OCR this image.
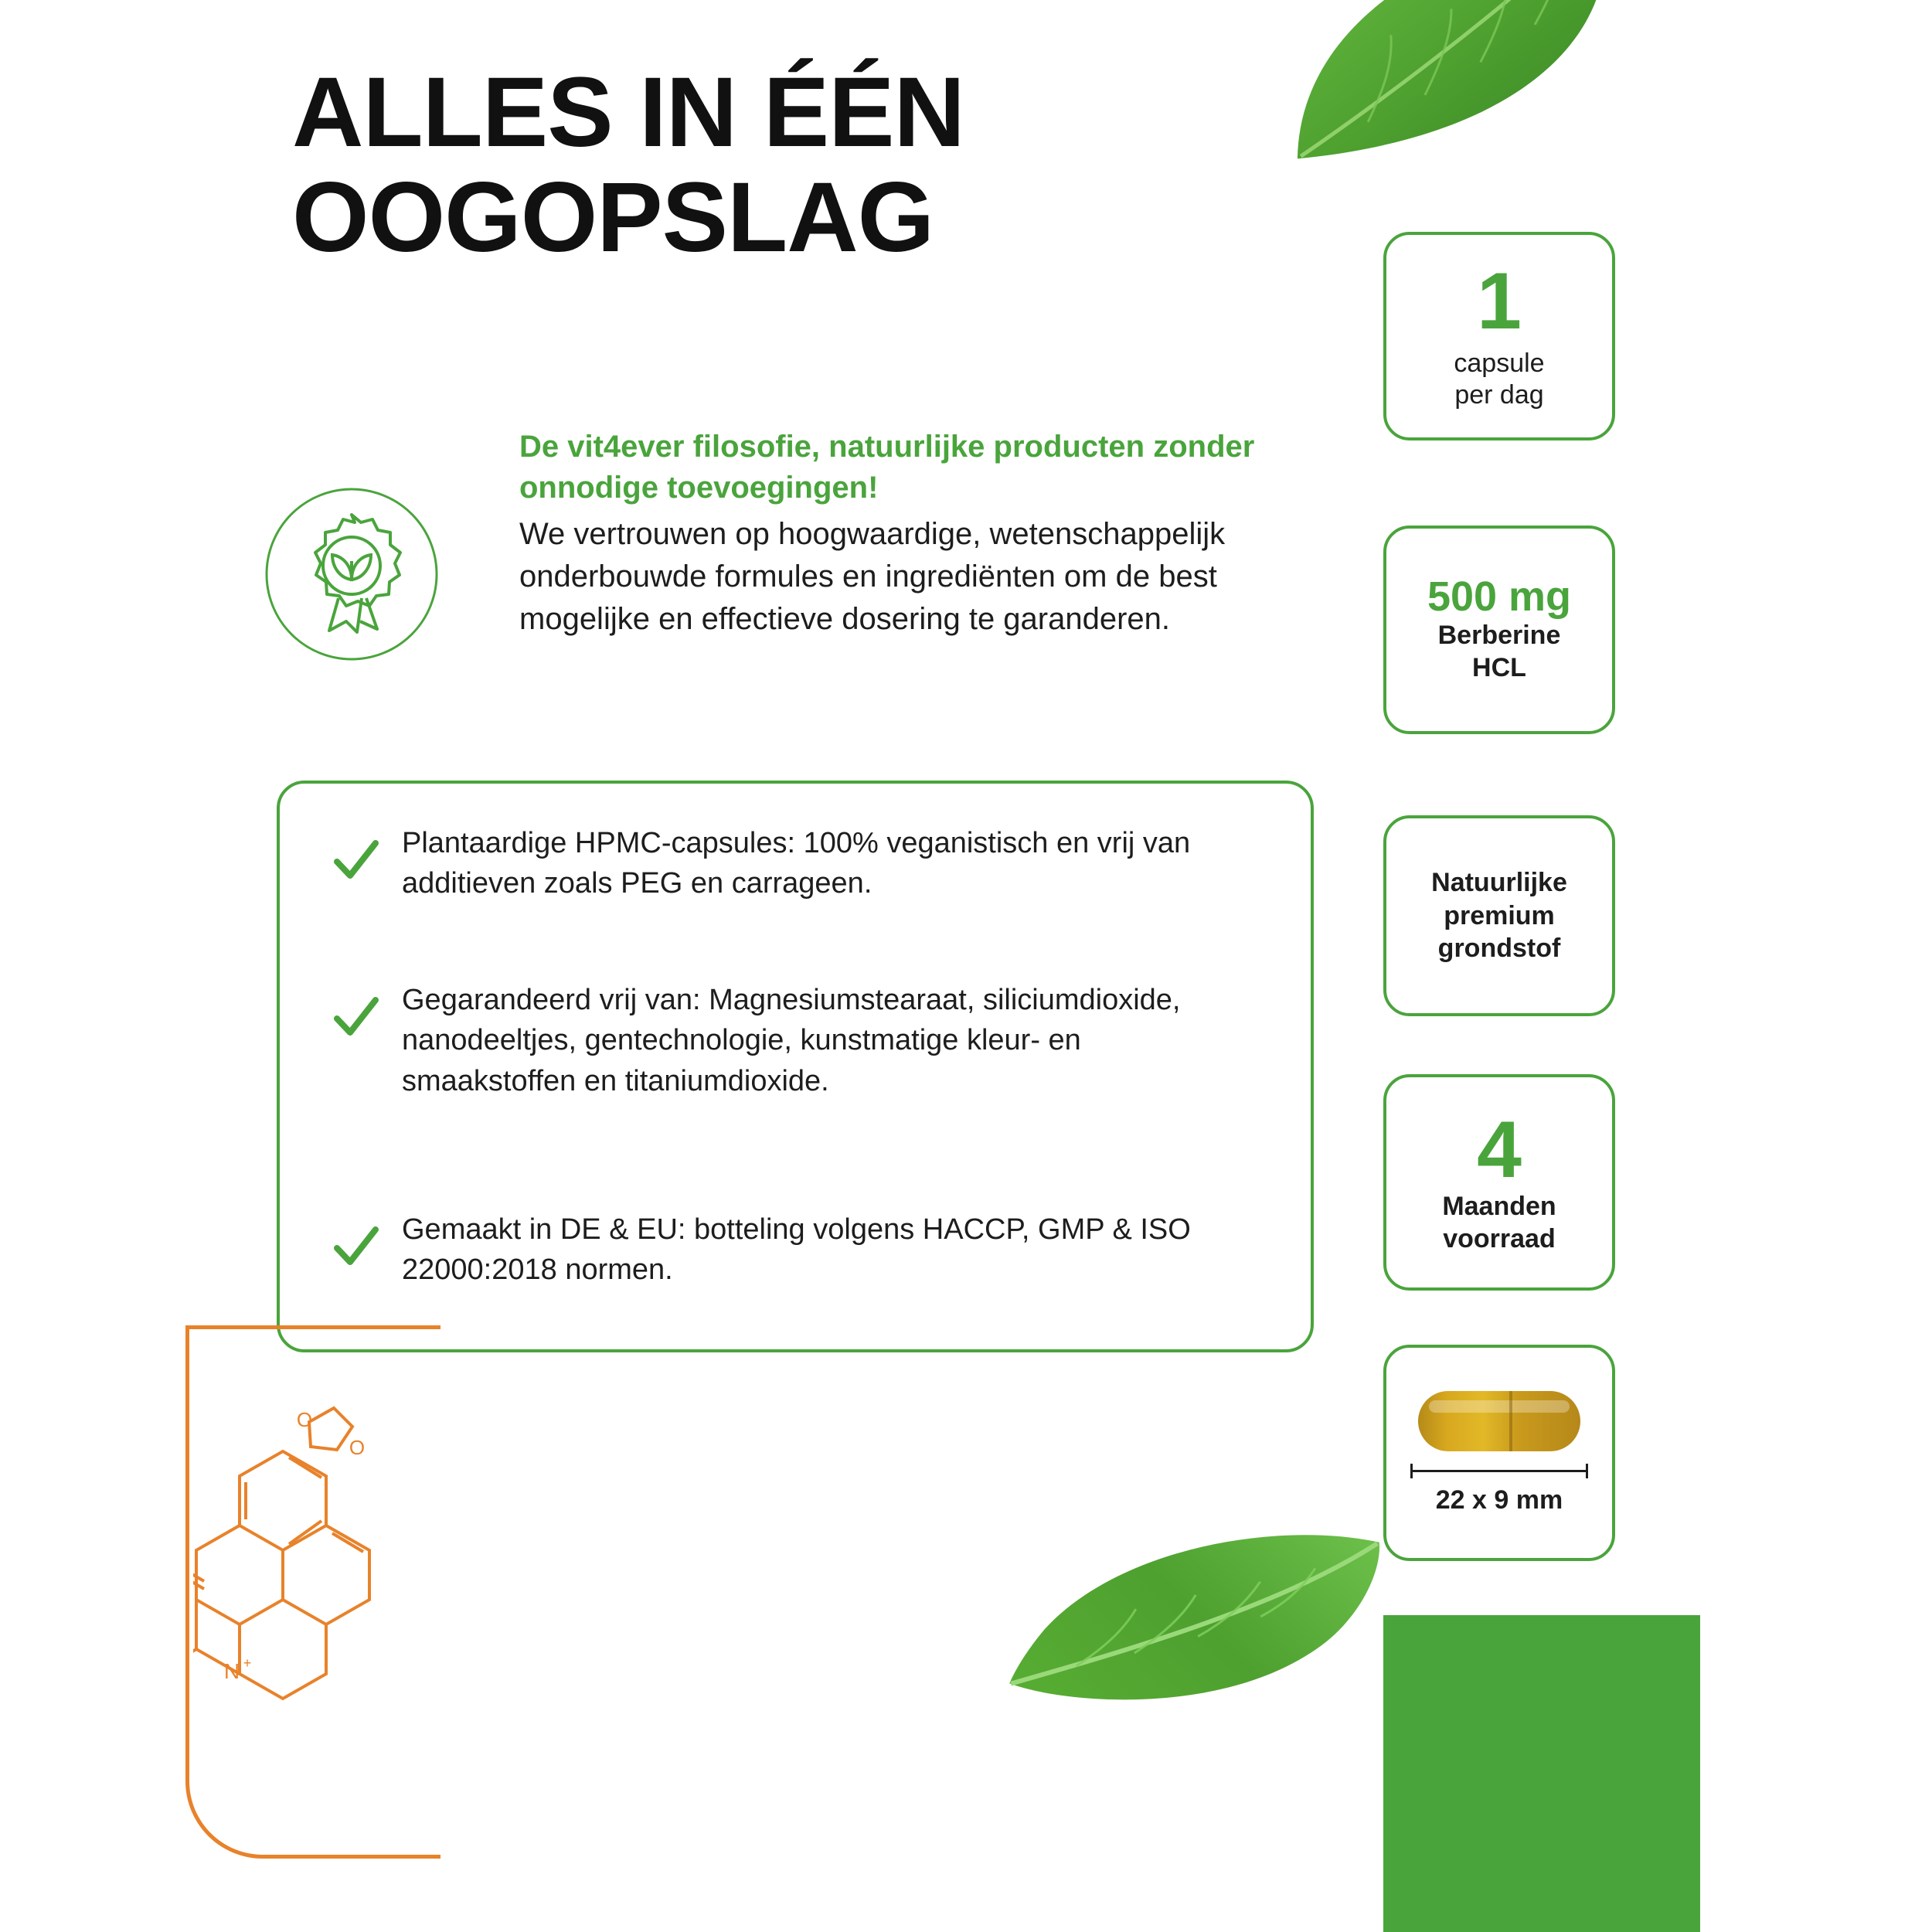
ALLES IN ÉÉN
OOGOPSLAG

De vit4ever filosofie, natuurlijke producten zonder onnodige toevoegingen!

We vertrouwen op hoogwaardige, wetenschappelijk onderbouwde formules en ingrediënten om de best mogelijke en effectieve dosering te garanderen.

Plantaardige HPMC-capsules: 100% veganistisch en vrij van additieven zoals PEG en carrageen.
Gegarandeerd vrij van: Magnesiumstearaat, siliciumdioxide, nanodeeltjes, gentechnologie, kunstmatige kleur- en smaakstoffen en titaniumdioxide.
Gemaakt in DE & EU: botteling volgens HACCP, GMP & ISO 22000:2018 normen.
O
O
N +
1
capsule
per dag
500 mg
Berberine
HCL
Natuurlijke
premium
grondstof
4
Maanden
voorraad
22 x 9 mm
